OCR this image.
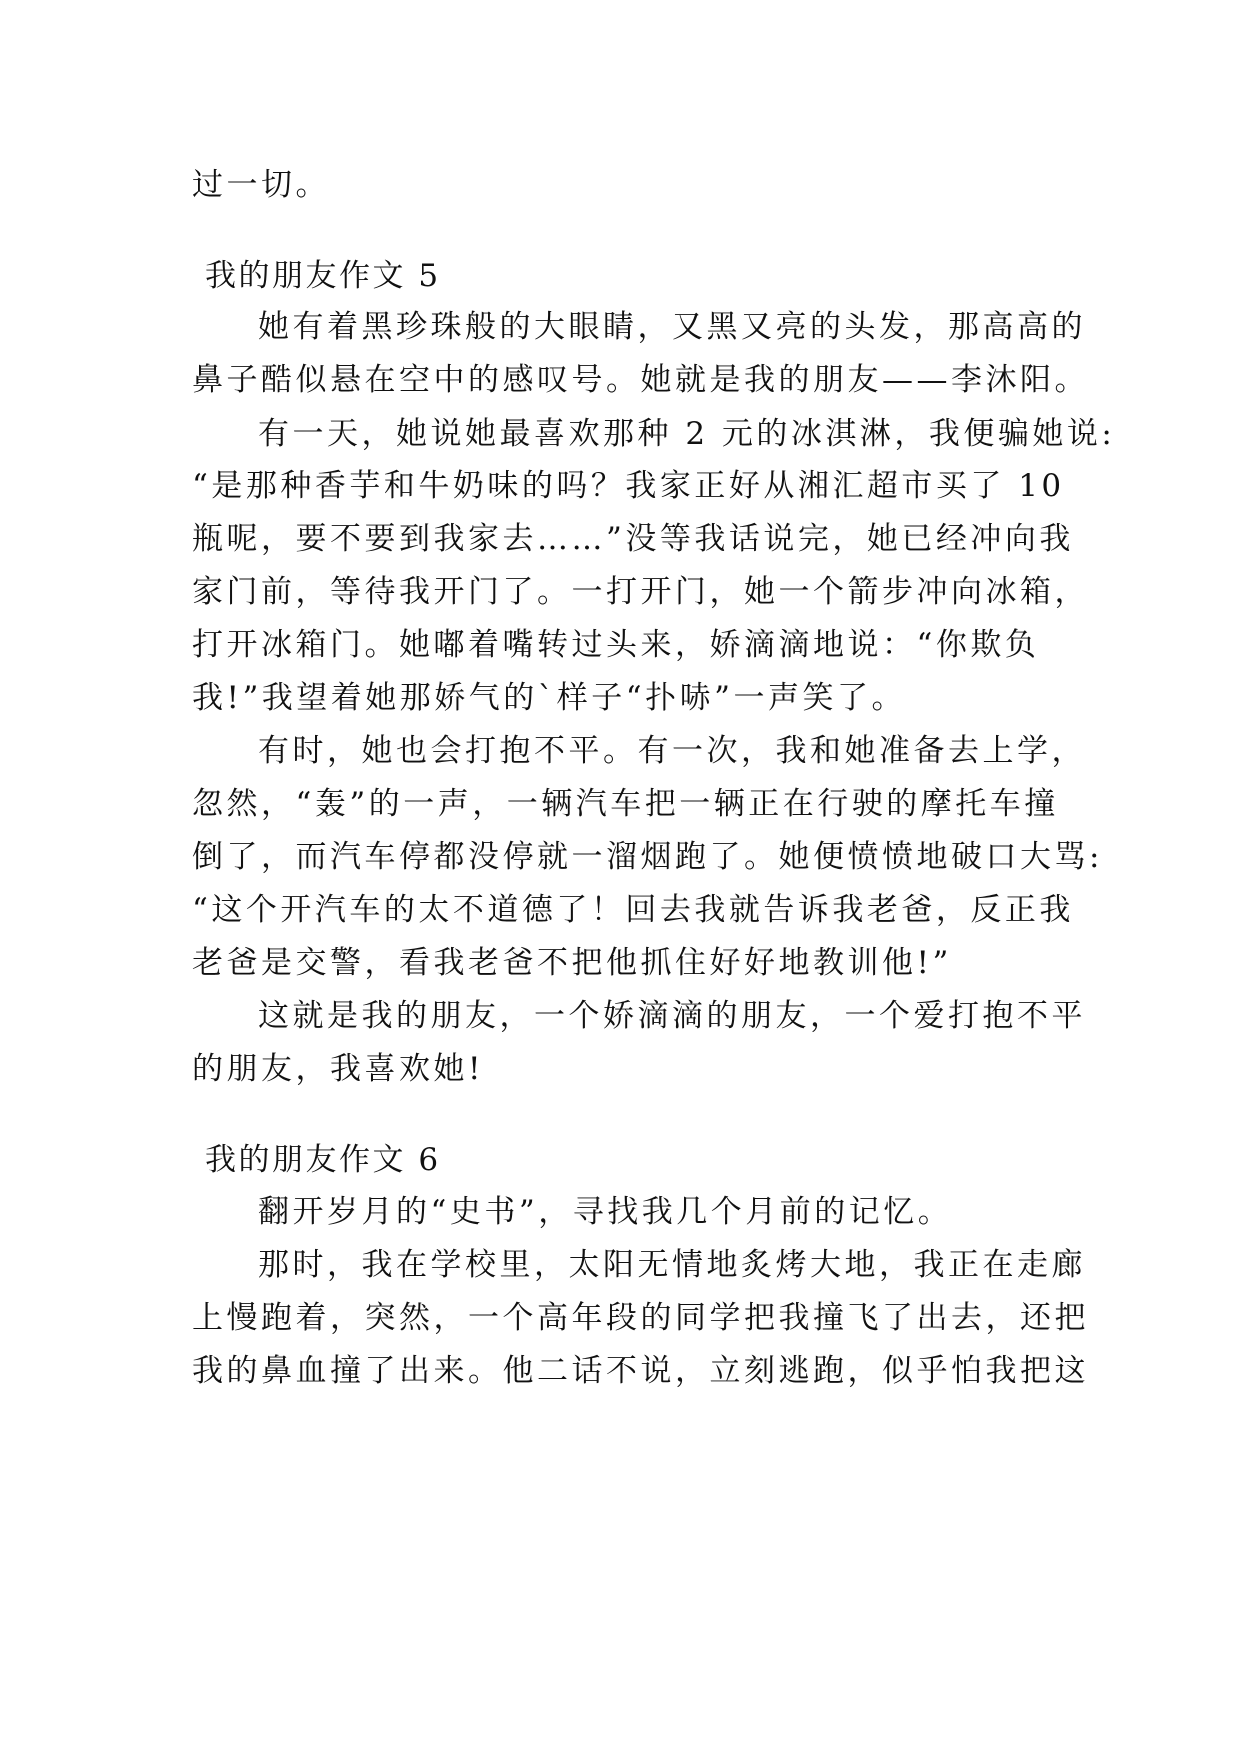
过一切。
我的朋友作文 5
她有着黑珍珠般的大眼睛，又黑又亮的头发，那高高的
鼻子酷似悬在空中的感叹号。她就是我的朋友——李沐阳。
有一天，她说她最喜欢那种 2 元的冰淇淋，我便骗她说:
“是那种香芋和牛奶味的吗？我家正好从湘汇超市买了 10
瓶呢，要不要到我家去……”没等我话说完，她已经冲向我
家门前，等待我开门了。一打开门，她一个箭步冲向冰箱，
打开冰箱门。她嘟着嘴转过头来，娇滴滴地说：“你欺负
我!”我望着她那娇气的`样子“扑哧”一声笑了。
有时，她也会打抱不平。有一次，我和她准备去上学，
忽然，“轰”的一声，一辆汽车把一辆正在行驶的摩托车撞
倒了，而汽车停都没停就一溜烟跑了。她便愤愤地破口大骂:
“这个开汽车的太不道德了！回去我就告诉我老爸，反正我
老爸是交警，看我老爸不把他抓住好好地教训他!”
这就是我的朋友，一个娇滴滴的朋友，一个爱打抱不平
的朋友，我喜欢她!
我的朋友作文 6
翻开岁月的“史书”，寻找我几个月前的记忆。
那时，我在学校里，太阳无情地炙烤大地，我正在走廊
上慢跑着，突然，一个高年段的同学把我撞飞了出去，还把
我的鼻血撞了出来。他二话不说，立刻逃跑，似乎怕我把这
